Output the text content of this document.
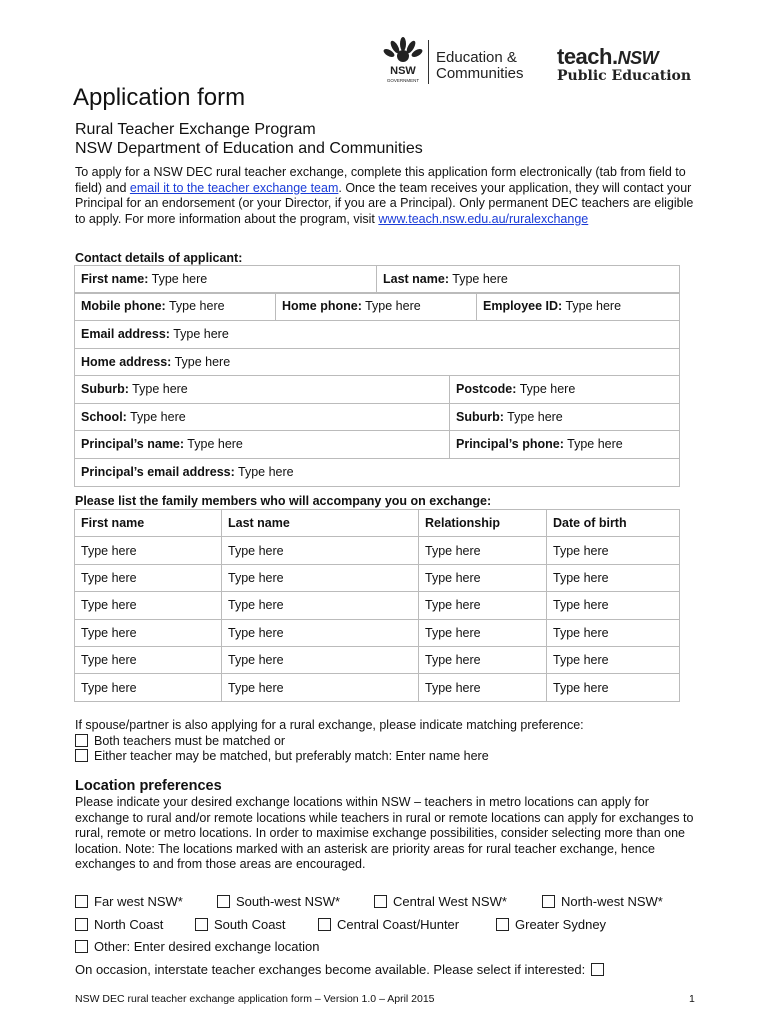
NSW
GOVERNMENT
Education &
Communities
teach.NSW
Public Education
Application form
Rural Teacher Exchange Program
NSW Department of Education and Communities
To apply for a NSW DEC rural teacher exchange, complete this application form electronically (tab from field to field) and email it to the teacher exchange team. Once the team receives your application, they will contact your Principal for an endorsement (or your Director, if you are a Principal). Only permanent DEC teachers are eligible to apply. For more information about the program, visit www.teach.nsw.edu.au/ruralexchange
Contact details of applicant:
First name: Type here	Last name: Type here
Mobile phone: Type here	Home phone: Type here	Employee ID: Type here
Email address: Type here
Home address: Type here
Suburb: Type here	Postcode: Type here
School: Type here	Suburb: Type here
Principal’s name: Type here	Principal’s phone: Type here
Principal’s email address: Type here
Please list the family members who will accompany you on exchange:
First name	Last name	Relationship	Date of birth
Type here	Type here	Type here	Type here
Type here	Type here	Type here	Type here
Type here	Type here	Type here	Type here
Type here	Type here	Type here	Type here
Type here	Type here	Type here	Type here
Type here	Type here	Type here	Type here
If spouse/partner is also applying for a rural exchange, please indicate matching preference:
Both teachers must be matched or
Either teacher may be matched, but preferably match: Enter name here
Location preferences
Please indicate your desired exchange locations within NSW – teachers in metro locations can apply for exchange to rural and/or remote locations while teachers in rural or remote locations can apply for exchanges to rural, remote or metro locations. In order to maximise exchange possibilities, consider selecting more than one location. Note: The locations marked with an asterisk are priority areas for rural teacher exchange, hence exchanges to and from those areas are encouraged.
Far west NSW*	South-west NSW*	Central West NSW*	North-west NSW*
North Coast	South Coast	Central Coast/Hunter	Greater Sydney
Other: Enter desired exchange location
On occasion, interstate teacher exchanges become available. Please select if interested:
NSW DEC rural teacher exchange application form – Version 1.0 – April 2015	1
